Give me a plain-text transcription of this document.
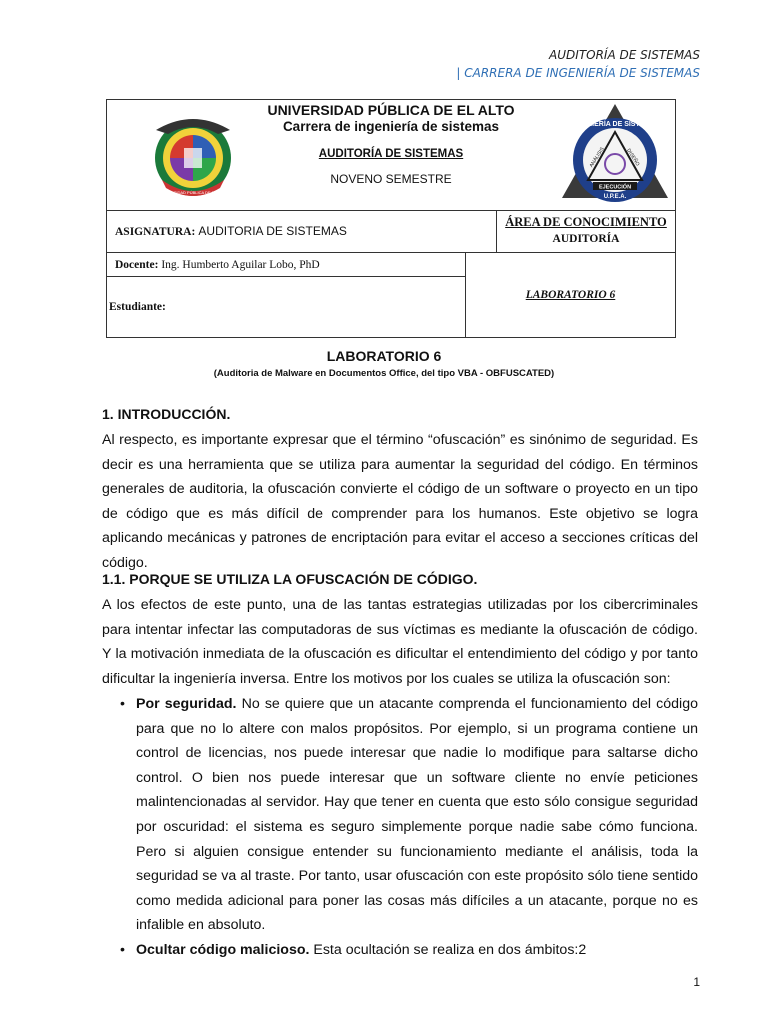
AUDITORÍA DE SISTEMAS
| CARRERA DE INGENIERÍA DE SISTEMAS
UNIVERSIDAD PÚBLICA DE EL ALTO
Carrera de ingeniería de sistemas
AUDITORÍA DE SISTEMAS
NOVENO SEMESTRE		

ASIGNATURA: AUDITORIA DE SISTEMAS		ÁREA DE CONOCIMIENTO
AUDITORÍA

Docente: Ing. Humberto Aguilar Lobo, PhD	LABORATORIO 6	
Estudiante:		
UNIVERSIDAD PÚBLICA DE EL ALTO
INGENIERÍA DE SISTEMAS
ANÁLISIS	DISEÑO
EJECUCIÓN
U.P.E.A.
LABORATORIO 6
(Auditoria de Malware en Documentos Office, del tipo VBA - OBFUSCATED)
1. INTRODUCCIÓN.
Al respecto, es importante expresar que el término “ofuscación” es sinónimo de seguridad. Es decir es una herramienta que se utiliza para aumentar la seguridad del código. En términos generales de auditoria, la ofuscación convierte el código de un software o proyecto en un tipo de código que es más difícil de comprender para los humanos. Este objetivo se logra aplicando mecánicas y patrones de encriptación para evitar el acceso a secciones críticas del código.
1.1. PORQUE SE UTILIZA LA OFUSCACIÓN DE CÓDIGO.
A los efectos de este punto, una de las tantas estrategias utilizadas por los cibercriminales para intentar infectar las computadoras de sus víctimas es mediante la ofuscación de código. Y la motivación inmediata de la ofuscación es dificultar el entendimiento del código y por tanto dificultar la ingeniería inversa. Entre los motivos por los cuales se utiliza la ofuscación son:
• Por seguridad. No se quiere que un atacante comprenda el funcionamiento del código para que no lo altere con malos propósitos. Por ejemplo, si un programa contiene un control de licencias, nos puede interesar que nadie lo modifique para saltarse dicho control. O bien nos puede interesar que un software cliente no envíe peticiones malintencionadas al servidor. Hay que tener en cuenta que esto sólo consigue seguridad por oscuridad: el sistema es seguro simplemente porque nadie sabe cómo funciona. Pero si alguien consigue entender su funcionamiento mediante el análisis, toda la seguridad se va al traste. Por tanto, usar ofuscación con este propósito sólo tiene sentido como medida adicional para poner las cosas más difíciles a un atacante, porque no es infalible en absoluto.
• Ocultar código malicioso. Esta ocultación se realiza en dos ámbitos:2
1
